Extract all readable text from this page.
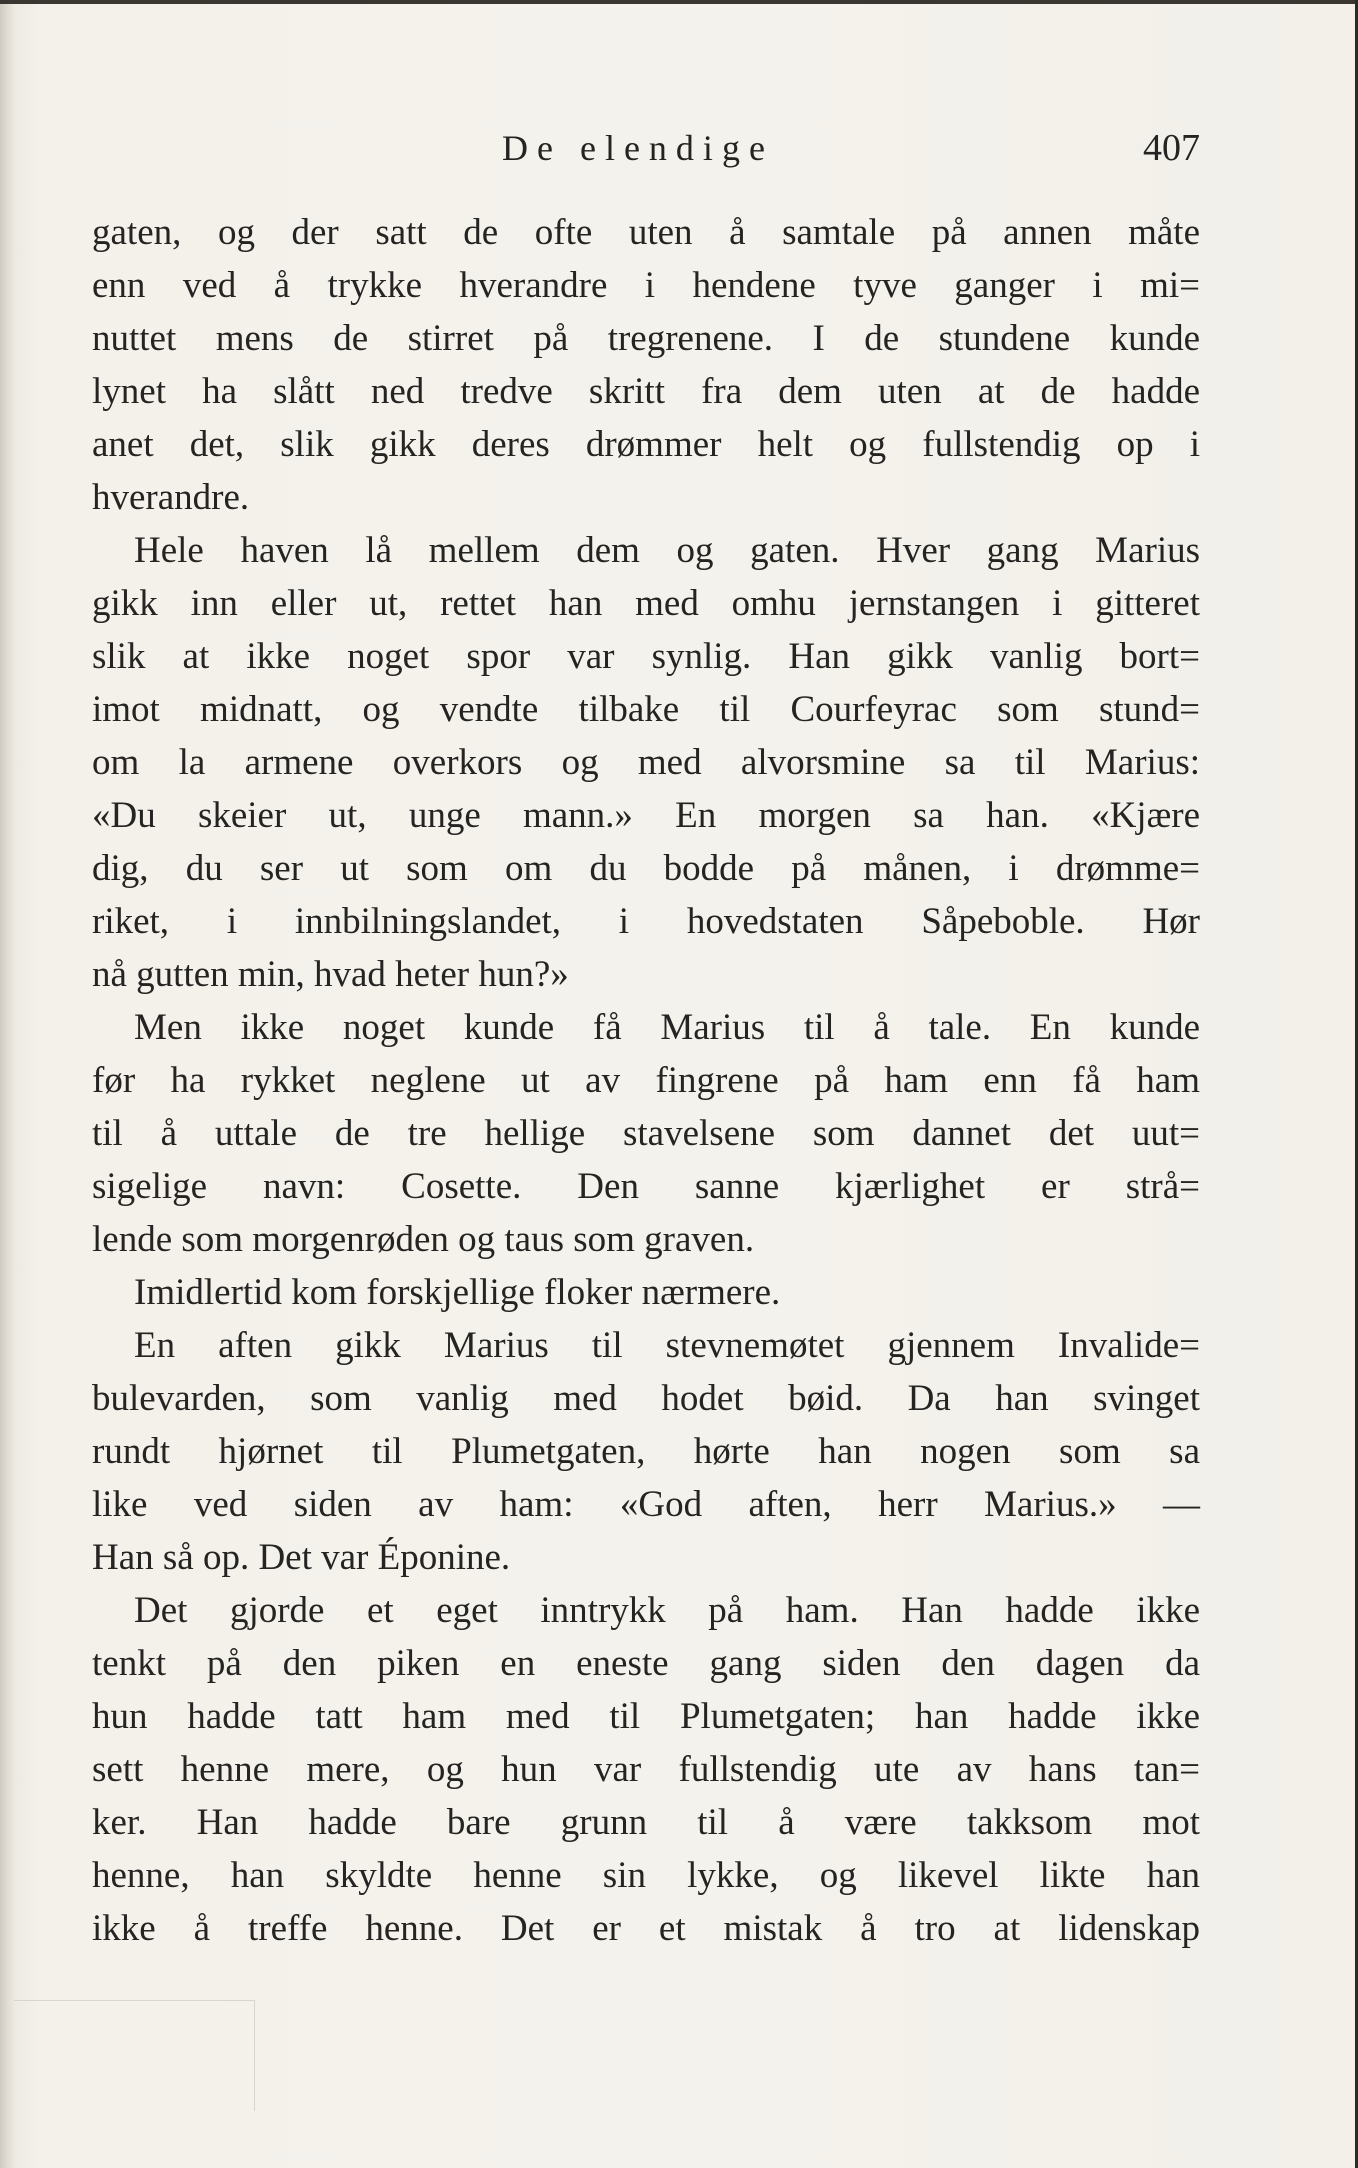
De elendige	407
gaten, og der satt de ofte uten å samtale på annen måte
enn ved å trykke hverandre i hendene tyve ganger i mi=
nuttet mens de stirret på tregrenene. I de stundene kunde
lynet ha slått ned tredve skritt fra dem uten at de hadde
anet det, slik gikk deres drømmer helt og fullstendig op i
hverandre.
Hele haven lå mellem dem og gaten. Hver gang Marius
gikk inn eller ut, rettet han med omhu jernstangen i gitteret
slik at ikke noget spor var synlig. Han gikk vanlig bort=
imot midnatt, og vendte tilbake til Courfeyrac som stund=
om la armene overkors og med alvorsmine sa til Marius:
«Du skeier ut, unge mann.» En morgen sa han. «Kjære
dig, du ser ut som om du bodde på månen, i drømme=
riket, i innbilningslandet, i hovedstaten Såpeboble. Hør
nå gutten min, hvad heter hun?»
Men ikke noget kunde få Marius til å tale. En kunde
før ha rykket neglene ut av fingrene på ham enn få ham
til å uttale de tre hellige stavelsene som dannet det uut=
sigelige navn: Cosette. Den sanne kjærlighet er strå=
lende som morgenrøden og taus som graven.
Imidlertid kom forskjellige floker nærmere.
En aften gikk Marius til stevnemøtet gjennem Invalide=
bulevarden, som vanlig med hodet bøid. Da han svinget
rundt hjørnet til Plumetgaten, hørte han nogen som sa
like ved siden av ham: «God aften, herr Marius.» —
Han så op. Det var Éponine.
Det gjorde et eget inntrykk på ham. Han hadde ikke
tenkt på den piken en eneste gang siden den dagen da
hun hadde tatt ham med til Plumetgaten; han hadde ikke
sett henne mere, og hun var fullstendig ute av hans tan=
ker. Han hadde bare grunn til å være takksom mot
henne, han skyldte henne sin lykke, og likevel likte han
ikke å treffe henne. Det er et mistak å tro at lidenskap
